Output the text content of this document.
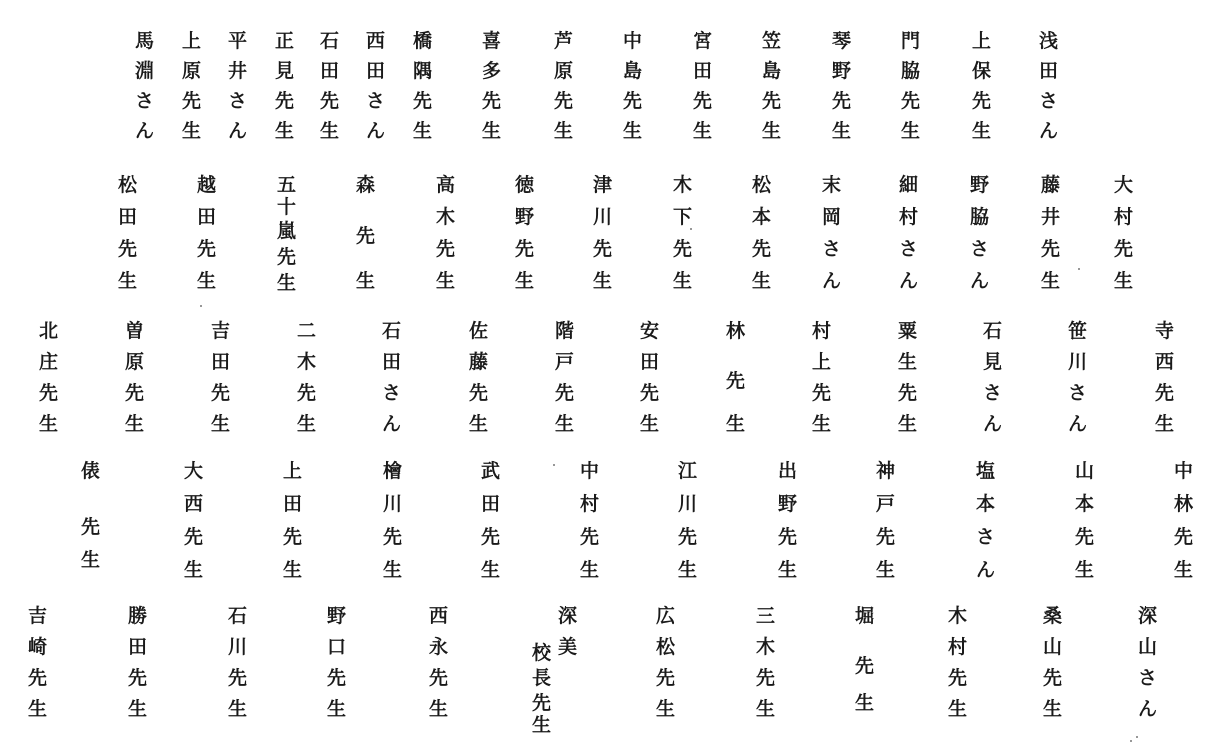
馬
淵
さ
ん
上
原
先
生
平
井
さ
ん
正
見
先
生
石
田
先
生
西
田
さ
ん
橋
隅
先
生
喜
多
先
生
芦
原
先
生
中
島
先
生
宮
田
先
生
笠
島
先
生
琴
野
先
生
門
脇
先
生
上
保
先
生
浅
田
さ
ん
松
田
先
生
越
田
先
生
五
十
嵐
先
生
森
先
生
高
木
先
生
徳
野
先
生
津
川
先
生
木
下
先
生
松
本
先
生
末
岡
さ
ん
細
村
さ
ん
野
脇
さ
ん
藤
井
先
生
大
村
先
生
北
庄
先
生
曽
原
先
生
吉
田
先
生
二
木
先
生
石
田
さ
ん
佐
藤
先
生
階
戸
先
生
安
田
先
生
林
先
生
村
上
先
生
粟
生
先
生
石
見
さ
ん
笹
川
さ
ん
寺
西
先
生
俵
先
生
大
西
先
生
上
田
先
生
檜
川
先
生
武
田
先
生
中
村
先
生
江
川
先
生
出
野
先
生
神
戸
先
生
塩
本
さ
ん
山
本
先
生
中
林
先
生
吉
崎
先
生
勝
田
先
生
石
川
先
生
野
口
先
生
西
永
先
生
校
長
先
生
深
美
広
松
先
生
三
木
先
生
堀
先
生
木
村
先
生
桑
山
先
生
深
山
さ
ん
